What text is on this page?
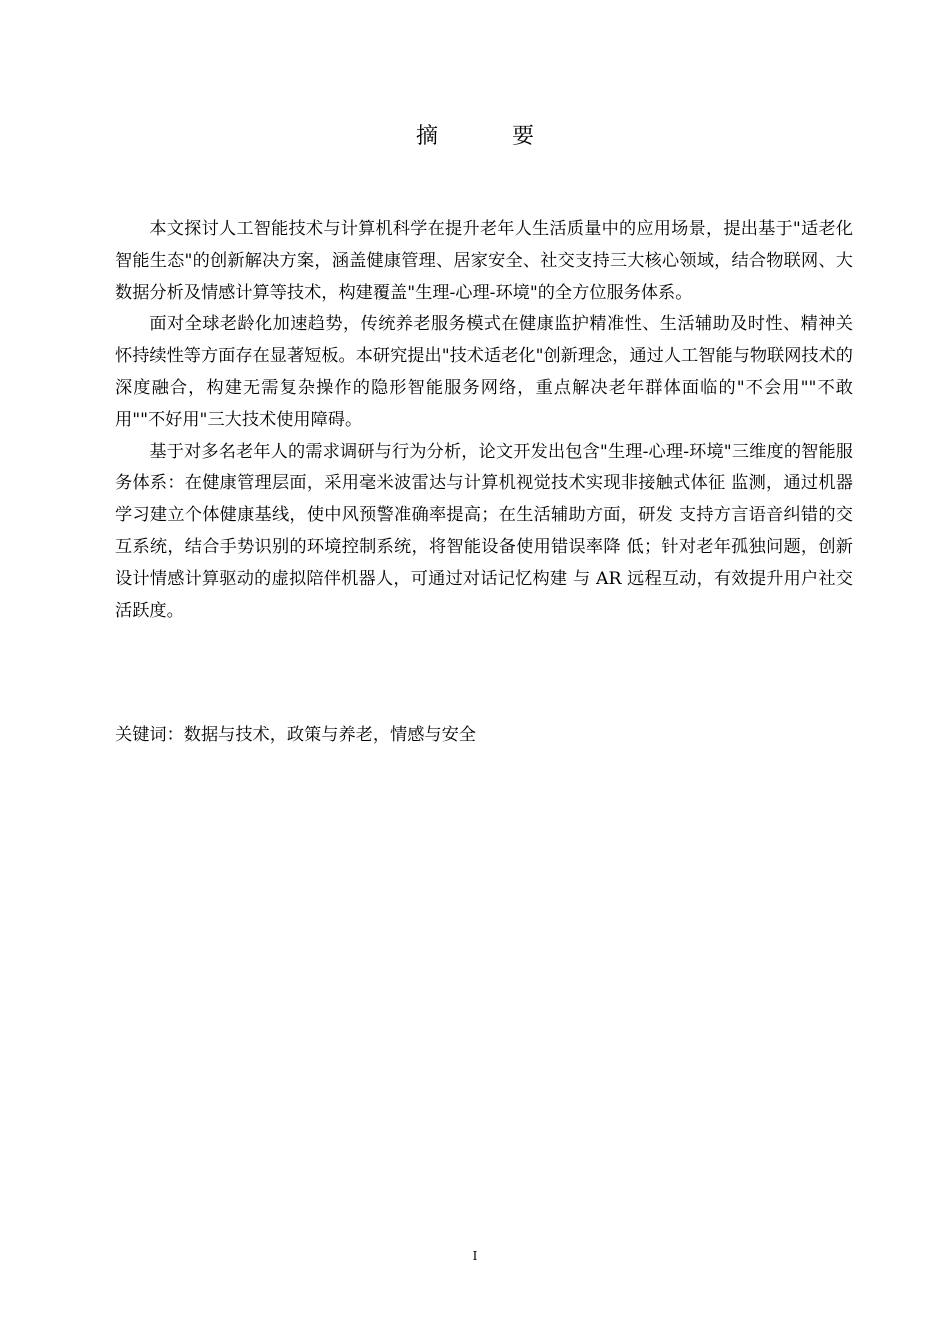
摘　要

本文探讨人工智能技术与计算机科学在提升老年人生活质量中的应用场景，提出基于"适老化智能生态"的创新解决方案，涵盖健康管理、居家安全、社交支持三大核心领域，结合物联网、大数据分析及情感计算等技术，构建覆盖"生理-心理-环境"的全方位服务体系。

面对全球老龄化加速趋势，传统养老服务模式在健康监护精准性、生活辅助及时性、精神关怀持续性等方面存在显著短板。本研究提出"技术适老化"创新理念，通过人工智能与物联网技术的深度融合，构建无需复杂操作的隐形智能服务网络，重点解决老年群体面临的"不会用""不敢用""不好用"三大技术使用障碍。

基于对多名老年人的需求调研与行为分析，论文开发出包含"生理-心理-环境"三维度的智能服务体系：在健康管理层面，采用毫米波雷达与计算机视觉技术实现非接触式体征 监测，通过机器学习建立个体健康基线，使中风预警准确率提高；在生活辅助方面，研发 支持方言语音纠错的交互系统，结合手势识别的环境控制系统，将智能设备使用错误率降 低；针对老年孤独问题，创新设计情感计算驱动的虚拟陪伴机器人，可通过对话记忆构建 与 AR 远程互动，有效提升用户社交活跃度。

关键词：数据与技术，政策与养老，情感与安全
I
